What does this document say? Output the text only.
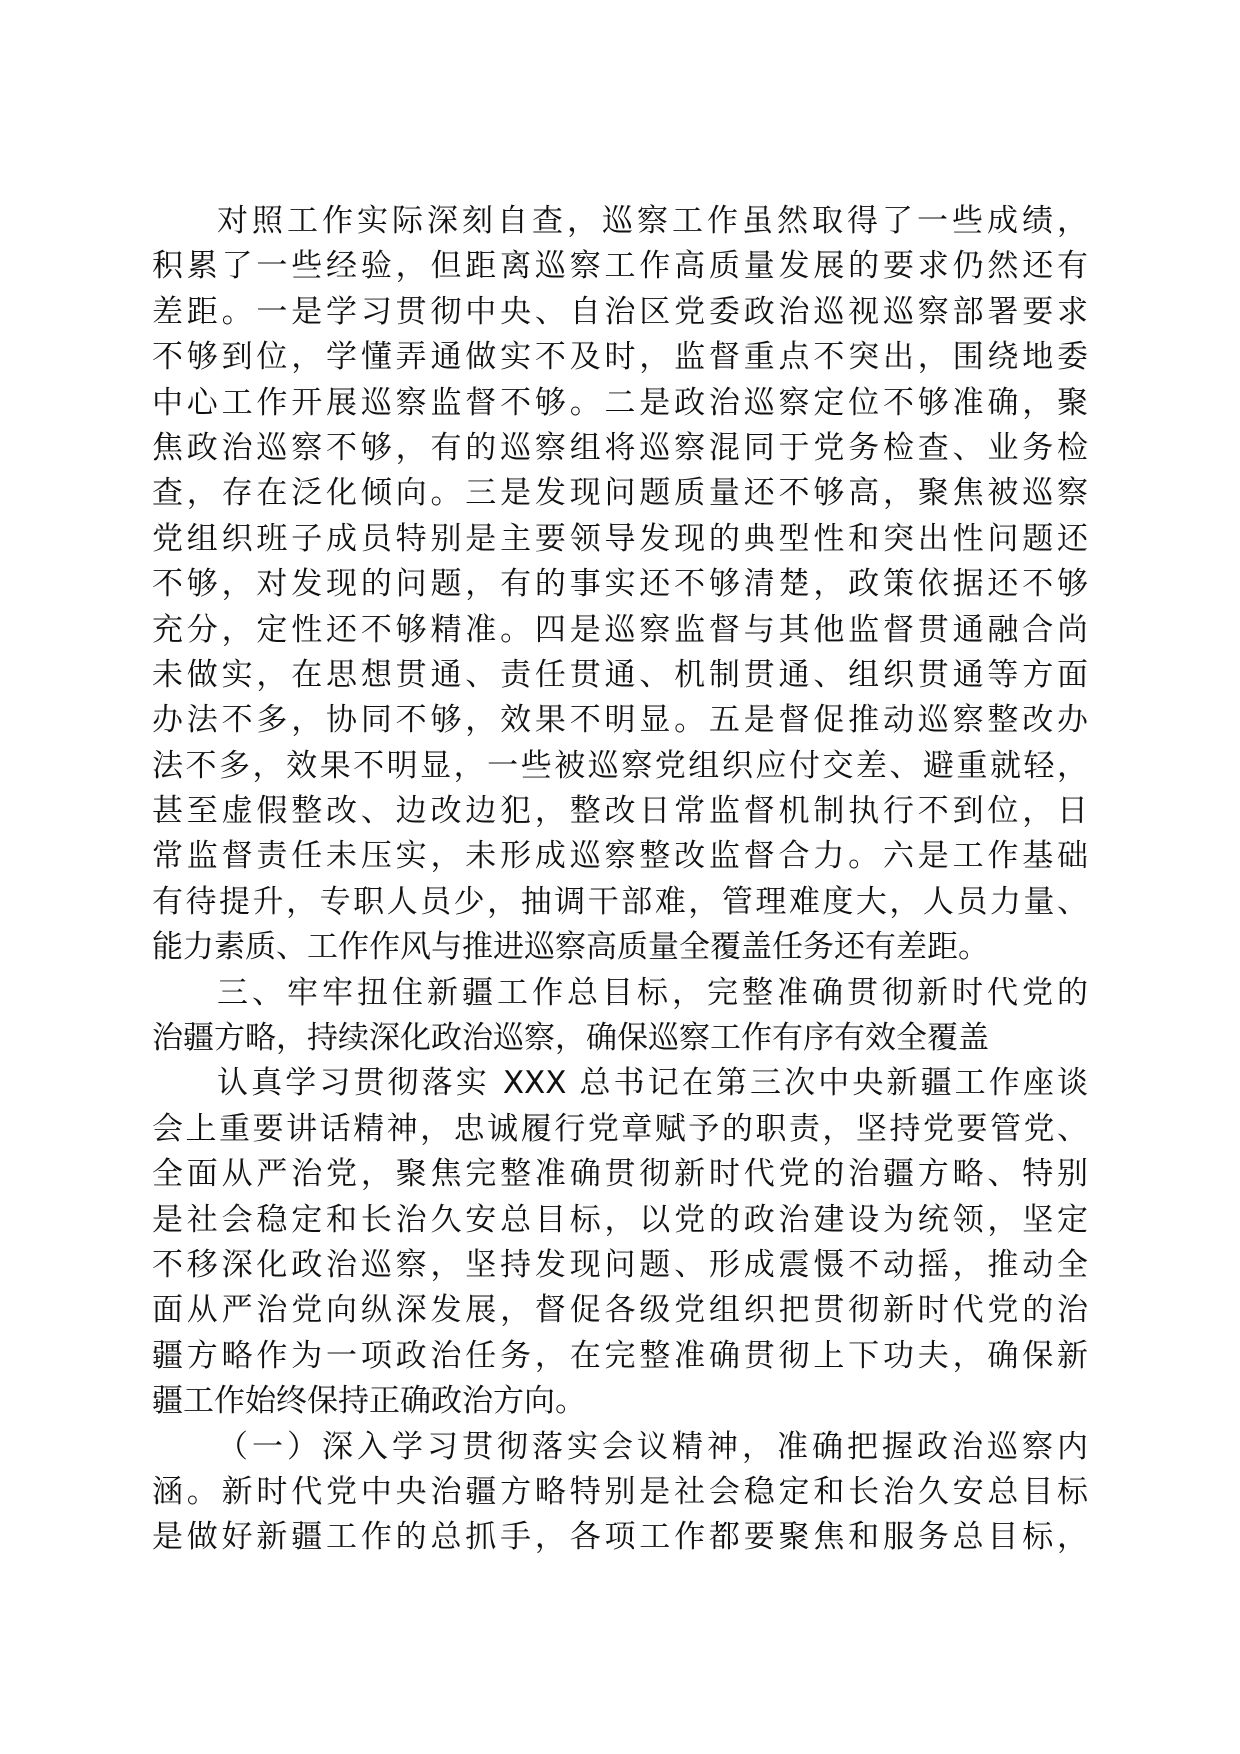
对照工作实际深刻自查，巡察工作虽然取得了一些成绩，
积累了一些经验，但距离巡察工作高质量发展的要求仍然还有
差距。一是学习贯彻中央、自治区党委政治巡视巡察部署要求
不够到位，学懂弄通做实不及时，监督重点不突出，围绕地委
中心工作开展巡察监督不够。二是政治巡察定位不够准确，聚
焦政治巡察不够，有的巡察组将巡察混同于党务检查、业务检
查，存在泛化倾向。三是发现问题质量还不够高，聚焦被巡察
党组织班子成员特别是主要领导发现的典型性和突出性问题还
不够，对发现的问题，有的事实还不够清楚，政策依据还不够
充分，定性还不够精准。四是巡察监督与其他监督贯通融合尚
未做实，在思想贯通、责任贯通、机制贯通、组织贯通等方面
办法不多，协同不够，效果不明显。五是督促推动巡察整改办
法不多，效果不明显，一些被巡察党组织应付交差、避重就轻，
甚至虚假整改、边改边犯，整改日常监督机制执行不到位，日
常监督责任未压实，未形成巡察整改监督合力。六是工作基础
有待提升，专职人员少，抽调干部难，管理难度大，人员力量、
能力素质、工作作风与推进巡察高质量全覆盖任务还有差距。
三、牢牢扭住新疆工作总目标，完整准确贯彻新时代党的
治疆方略，持续深化政治巡察，确保巡察工作有序有效全覆盖
认真学习贯彻落实 XXX 总书记在第三次中央新疆工作座谈
会上重要讲话精神，忠诚履行党章赋予的职责，坚持党要管党、
全面从严治党，聚焦完整准确贯彻新时代党的治疆方略、特别
是社会稳定和长治久安总目标，以党的政治建设为统领，坚定
不移深化政治巡察，坚持发现问题、形成震慑不动摇，推动全
面从严治党向纵深发展，督促各级党组织把贯彻新时代党的治
疆方略作为一项政治任务，在完整准确贯彻上下功夫，确保新
疆工作始终保持正确政治方向。
（一）深入学习贯彻落实会议精神，准确把握政治巡察内
涵。新时代党中央治疆方略特别是社会稳定和长治久安总目标
是做好新疆工作的总抓手，各项工作都要聚焦和服务总目标，
